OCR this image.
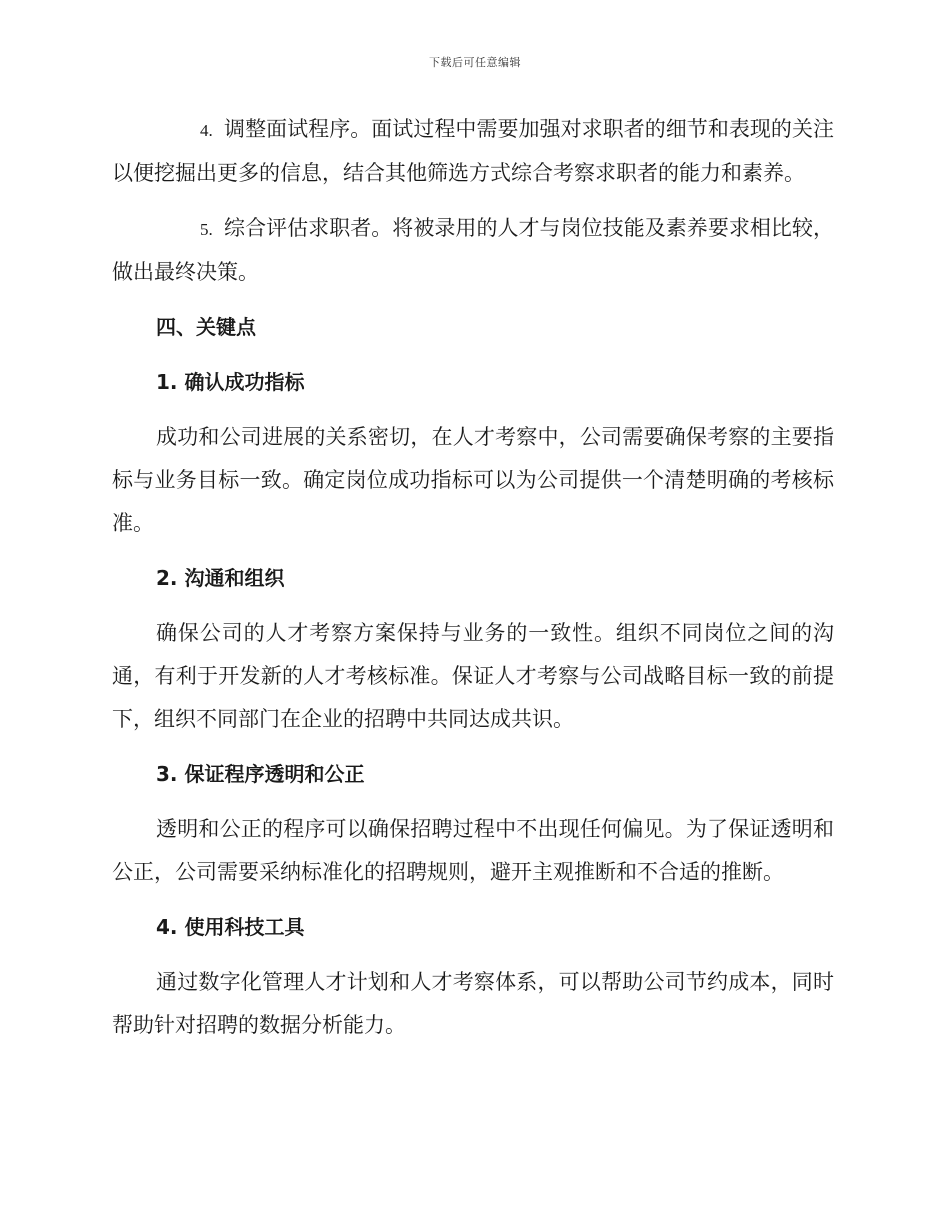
下载后可任意编辑

4. 调整面试程序。面试过程中需要加强对求职者的细节和表现的关注以便挖掘出更多的信息，结合其他筛选方式综合考察求职者的能力和素养。

5. 综合评估求职者。将被录用的人才与岗位技能及素养要求相比较，做出最终决策。

四、关键点
1. 确认成功指标

成功和公司进展的关系密切，在人才考察中，公司需要确保考察的主要指标与业务目标一致。确定岗位成功指标可以为公司提供一个清楚明确的考核标准。

2. 沟通和组织

确保公司的人才考察方案保持与业务的一致性。组织不同岗位之间的沟通，有利于开发新的人才考核标准。保证人才考察与公司战略目标一致的前提下，组织不同部门在企业的招聘中共同达成共识。

3. 保证程序透明和公正

透明和公正的程序可以确保招聘过程中不出现任何偏见。为了保证透明和公正，公司需要采纳标准化的招聘规则，避开主观推断和不合适的推断。

4. 使用科技工具

通过数字化管理人才计划和人才考察体系，可以帮助公司节约成本，同时帮助针对招聘的数据分析能力。
